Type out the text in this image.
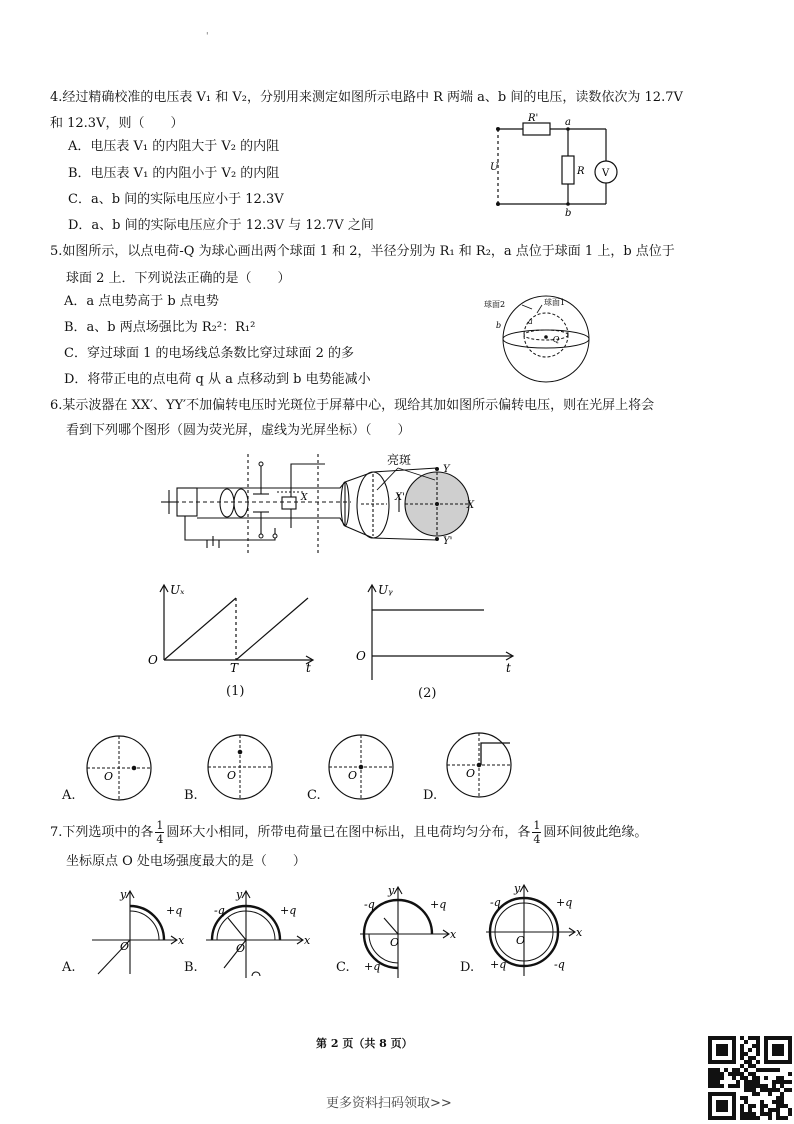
'
4.经过精确校准的电压表 V₁ 和 V₂，分别用来测定如图所示电路中 R 两端 a、b 间的电压，读数依次为 12.7V
和 12.3V，则（　　）
A．电压表 V₁ 的内阻大于 V₂ 的内阻
B．电压表 V₁ 的内阻小于 V₂ 的内阻
C．a、b 间的实际电压应小于 12.3V
D．a、b 间的实际电压应介于 12.3V 与 12.7V 之间
R'	a
b
U	R V
5.如图所示，以点电荷-Q 为球心画出两个球面 1 和 2，半径分别为 R₁ 和 R₂，a 点位于球面 1 上，b 点位于
球面 2 上．下列说法正确的是（　　）
A．a 点电势高于 b 点电势
B．a、b 两点场强比为 R₂²：R₁²
C．穿过球面 1 的电场线总条数比穿过球面 2 的多
D．将带正电的点电荷 q 从 a 点移动到 b 电势能减小
球面2	球面1
a
b
-Q
6.某示波器在 XX′、YY′不加偏转电压时光斑位于屏幕中心，现给其加如图所示偏转电压，则在光屏上将会
看到下列哪个图形（圆为荧光屏，虚线为光屏坐标）（　　）
亮斑
Y
Y'
X'
X
X
Uₓ
O
T	t
(1)
Uᵧ
O
t
(2)
O
A.
O
B.
O
C.
O
D.
7.下列选项中的各 $\frac{1}{4}$ 圆环大小相同，所带电荷量已在图中标出，且电荷均匀分布，各 $\frac{1}{4}$ 圆环间彼此绝缘。
坐标原点 O 处电场强度最大的是（　　）
y
x
O
+q
A.
y
x
O
+q
-q
B.
y
x
O
+q
-q
+q
C.
y
x
O
+q
-q
+q	-q
D.
第 2 页（共 8 页）
更多资料扫码领取>>
